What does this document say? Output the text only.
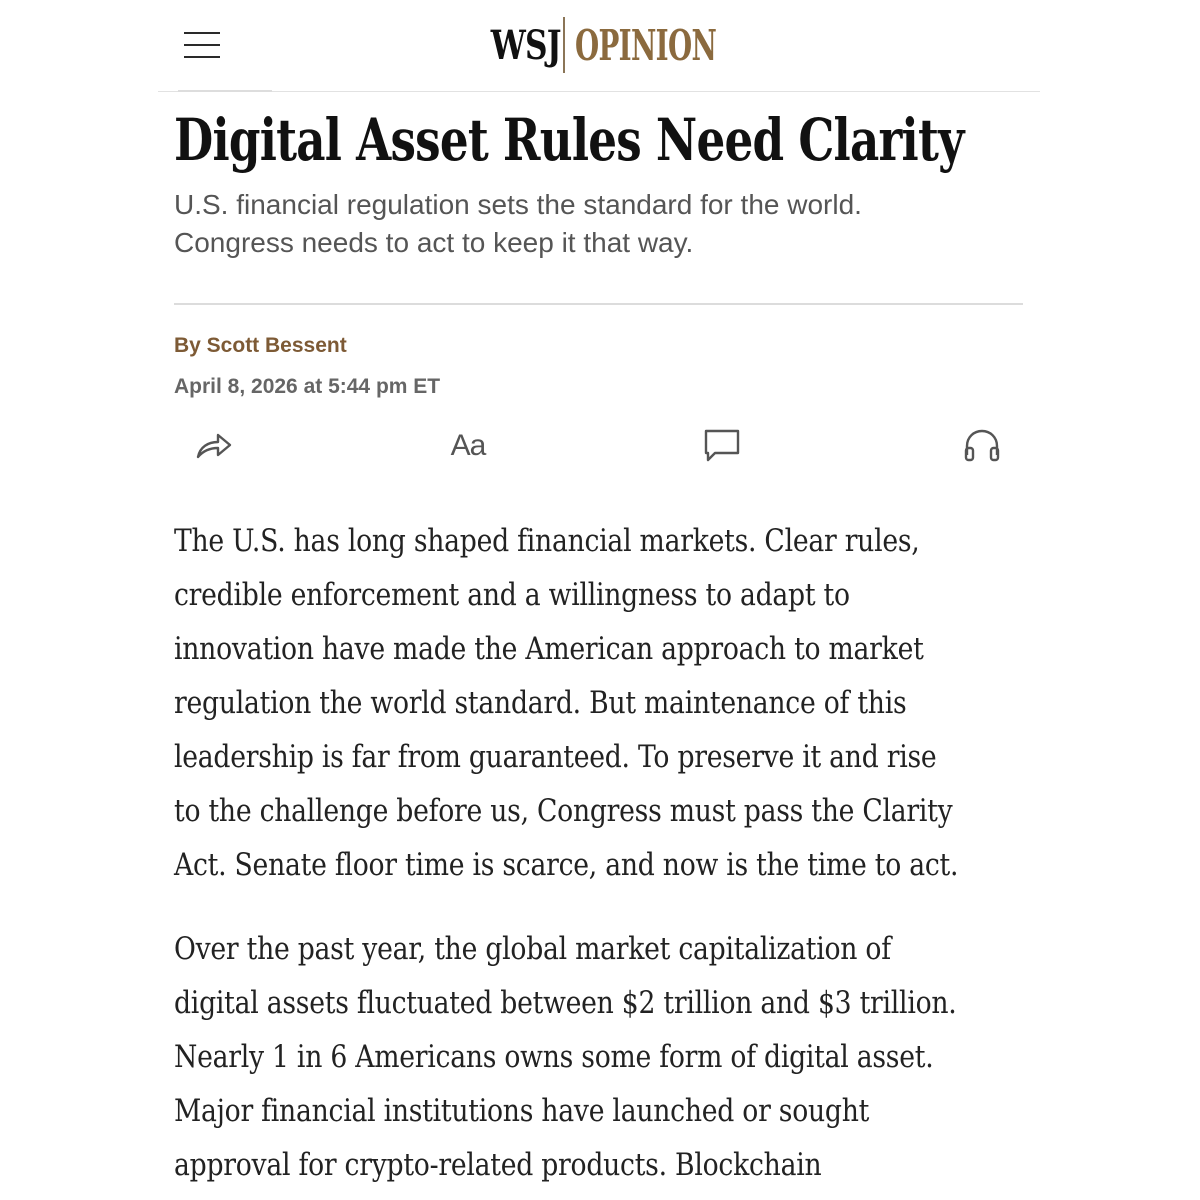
WSJ OPINION
Digital Asset Rules Need Clarity

U.S. financial regulation sets the standard for the world.
Congress needs to act to keep it that way.

By Scott Bessent
April 8, 2026 at 5:44 pm ET
Aa

The U.S. has long shaped financial markets. Clear rules,
credible enforcement and a willingness to adapt to
innovation have made the American approach to market
regulation the world standard. But maintenance of this
leadership is far from guaranteed. To preserve it and rise
to the challenge before us, Congress must pass the Clarity
Act. Senate floor time is scarce, and now is the time to act.

Over the past year, the global market capitalization of
digital assets fluctuated between $2 trillion and $3 trillion.
Nearly 1 in 6 Americans owns some form of digital asset.
Major financial institutions have launched or sought
approval for crypto-related products. Blockchain
